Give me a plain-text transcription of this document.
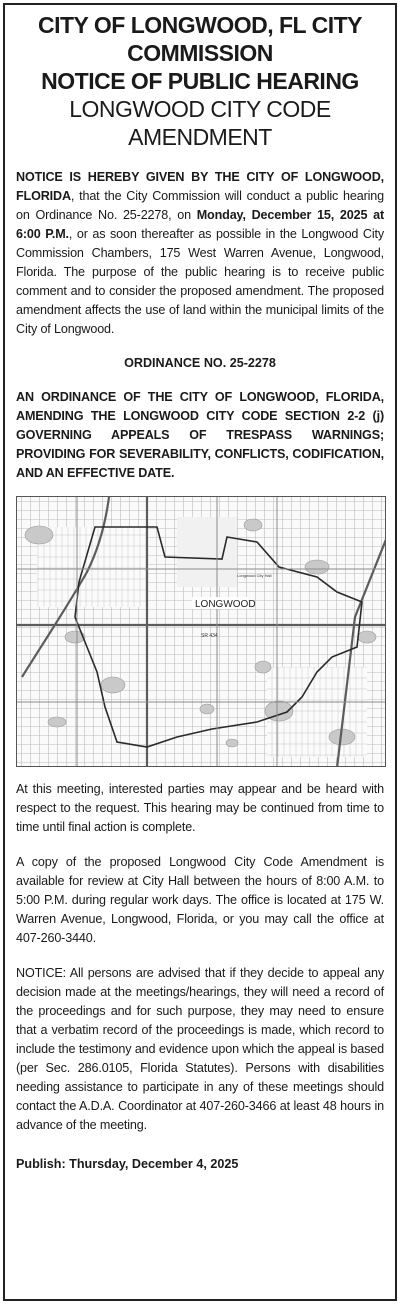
CITY OF LONGWOOD, FL CITY
COMMISSION
NOTICE OF PUBLIC HEARING
LONGWOOD CITY CODE
AMENDMENT

NOTICE IS HEREBY GIVEN BY THE CITY OF LONGWOOD, FLORIDA, that the City Commission will conduct a public hearing on Ordinance No. 25-2278, on Monday, December 15, 2025 at 6:00 P.M., or as soon thereafter as possible in the Longwood City Commission Chambers, 175 West Warren Avenue, Longwood, Florida. The purpose of the public hearing is to receive public comment and to consider the proposed amendment. The proposed amendment affects the use of land within the municipal limits of the City of Longwood.

ORDINANCE NO. 25-2278

AN ORDINANCE OF THE CITY OF LONGWOOD, FLORIDA, AMENDING THE LONGWOOD CITY CODE SECTION 2-2 (j) GOVERNING APPEALS OF TRESPASS WARNINGS; PROVIDING FOR SEVERABILITY, CONFLICTS, CODIFICATION, AND AN EFFECTIVE DATE.

LONGWOOD
SR 434
Longwood City Hall

At this meeting, interested parties may appear and be heard with respect to the request. This hearing may be continued from time to time until final action is complete.

A copy of the proposed Longwood City Code Amendment is available for review at City Hall between the hours of 8:00 A.M. to 5:00 P.M. during regular work days. The office is located at 175 W. Warren Avenue, Longwood, Florida, or you may call the office at 407-260-3440.

NOTICE: All persons are advised that if they decide to appeal any decision made at the meetings/hearings, they will need a record of the proceedings and for such purpose, they may need to ensure that a verbatim record of the proceedings is made, which record to include the testimony and evidence upon which the appeal is based (per Sec. 286.0105, Florida Statutes). Persons with disabilities needing assistance to participate in any of these meetings should contact the A.D.A. Coordinator at 407-260-3466 at least 48 hours in advance of the meeting.

Publish: Thursday, December 4, 2025
